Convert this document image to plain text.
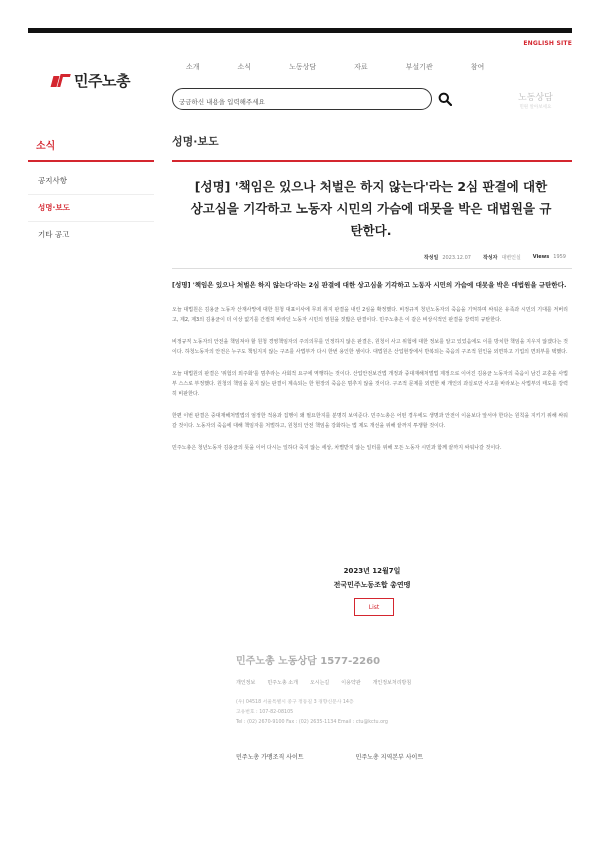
ENGLISH SITE
민주노총
소개	소식	노동상담	자료	부설기관	참여
궁금하신 내용을 입력해주세요
노동상담
민원 알아보세요
소식
공지사항
성명·보도
기타 공고
성명·보도
[성명] '책임은 있으나 처벌은 하지 않는다'라는 2심 판결에 대한 상고심을 기각하고 노동자 시민의 가슴에 대못을 박은 대법원을 규탄한다.
작성일 2023.12.07 작성자 대변인실 Views 1959

[성명] '책임은 있으나 처벌은 하지 않는다'라는 2심 판결에 대한 상고심을 기각하고 노동자 시민의 가슴에 대못을 박은 대법원을 규탄한다.

오늘 대법원은 김용균 노동자 산재사망에 대한 원청 대표이사에 무죄 취지 판결을 내린 2심을 확정했다. 비정규직 청년노동자의 죽음을 기억하며 싸워온 유족과 시민의 기대를 저버리고, 제2, 제3의 김용균이 더 이상 없기를 간절히 바라던 노동자 시민의 염원을 짓밟은 판결이다. 민주노총은 이 같은 비상식적인 판결을 강력히 규탄한다.

비정규직 노동자의 안전을 책임져야 할 원청 경영책임자의 주의의무를 인정하지 않은 판결은, 원청이 사고 위험에 대한 정보를 알고 있었음에도 이를 방치한 책임을 지우지 않겠다는 것이다. 하청노동자의 안전은 누구도 책임지지 않는 구조를 사법부가 다시 한번 용인한 셈이다. 대법원은 산업현장에서 반복되는 죽음의 구조적 원인을 외면하고 기업의 면죄부를 택했다.

오늘 대법원의 판결은 '위험의 외주화'를 멈추라는 사회적 요구에 역행하는 것이다. 산업안전보건법 개정과 중대재해처벌법 제정으로 이어진 김용균 노동자의 죽음이 남긴 교훈을 사법부 스스로 부정했다. 원청의 책임을 묻지 않는 판결이 계속되는 한 현장의 죽음은 멈추지 않을 것이다. 구조적 문제를 외면한 채 개인의 과실로만 사고를 바라보는 사법부의 태도를 강력히 비판한다.

한편 이번 판결은 중대재해처벌법의 엄정한 적용과 집행이 왜 필요한지를 분명히 보여준다. 민주노총은 어떤 경우에도 생명과 안전이 이윤보다 앞서야 한다는 원칙을 지키기 위해 싸워갈 것이다. 노동자의 죽음에 대해 책임자를 처벌하고, 원청의 안전 책임을 강화하는 법 제도 개선을 위해 끝까지 투쟁할 것이다.

민주노총은 청년노동자 김용균의 뜻을 이어 다시는 일하다 죽지 않는 세상, 차별받지 않는 일터를 위해 모든 노동자 시민과 함께 끝까지 싸워나갈 것이다.

2023년 12월7일
전국민주노동조합 총연맹
List
민주노총 노동상담 1577-2260
개인정보 민주노총 소개 오시는길 이용약관 개인정보처리방침
(우) 04518 서울특별시 중구 정동길 3 경향신문사 14층
고유번호 : 107-82-08105
Tel : (02) 2670-9100 Fax : (02) 2635-1134 Email : ctu@kctu.org
민주노총 가맹조직 사이트	민주노총 지역본부 사이트
